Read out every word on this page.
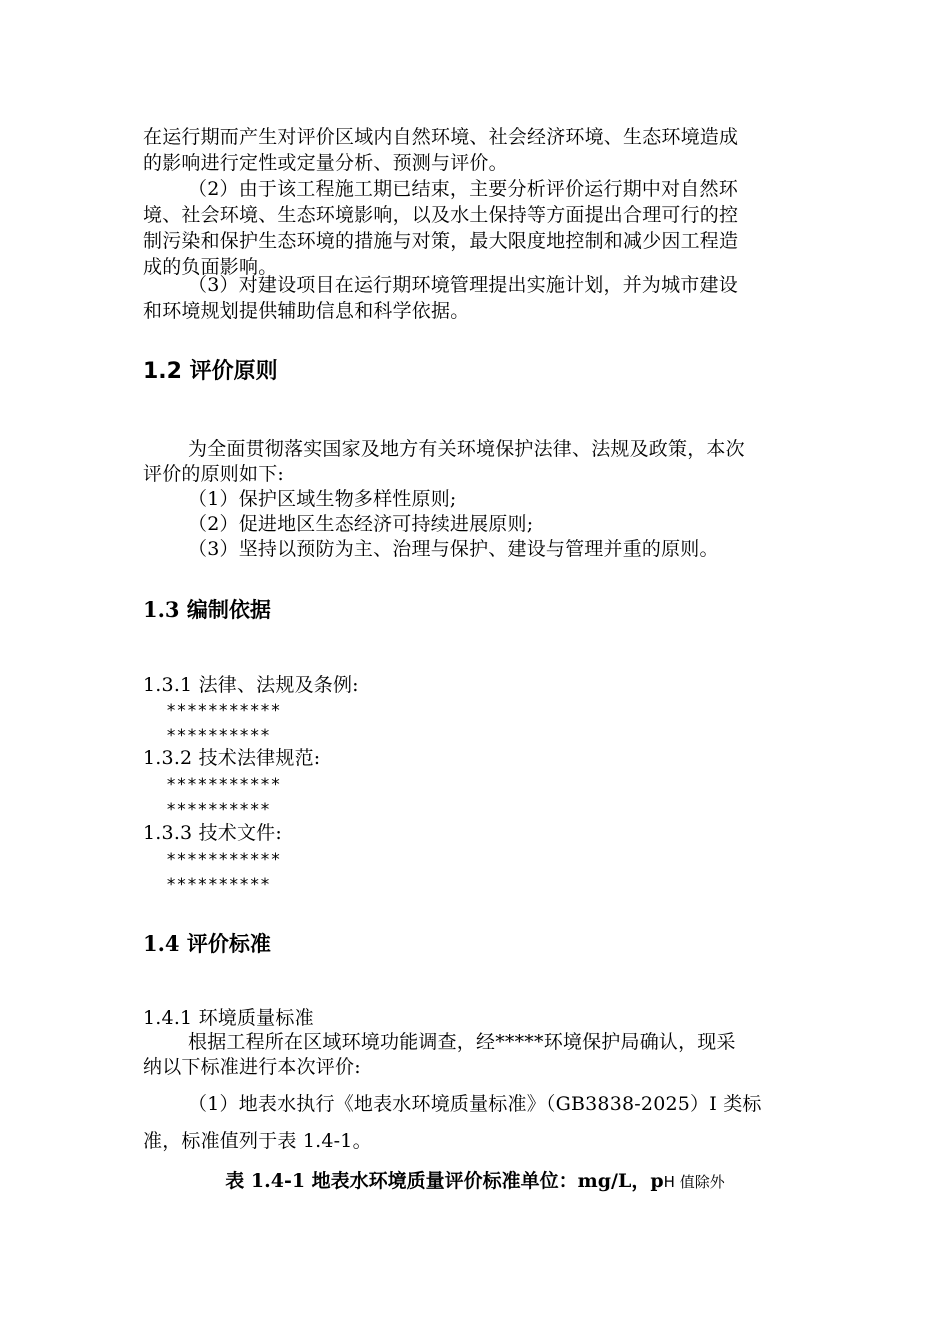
在运行期而产生对评价区域内自然环境、社会经济环境、生态环境造成
的影响进行定性或定量分析、预测与评价。
（2）由于该工程施工期已结束，主要分析评价运行期中对自然环
境、社会环境、生态环境影响，以及水土保持等方面提出合理可行的控
制污染和保护生态环境的措施与对策，最大限度地控制和减少因工程造
成的负面影响。
（3）对建设项目在运行期环境管理提出实施计划，并为城市建设
和环境规划提供辅助信息和科学依据。
1.2 评价原则
为全面贯彻落实国家及地方有关环境保护法律、法规及政策，本次
评价的原则如下:
（1）保护区域生物多样性原则;
（2）促进地区生态经济可持续进展原则;
（3）坚持以预防为主、治理与保护、建设与管理并重的原则。
1.3 编制依据
1.3.1 法律、法规及条例:
***********
**********
1.3.2 技术法律规范:
***********
**********
1.3.3 技术文件:
***********
**********
1.4 评价标准
1.4.1 环境质量标准
根据工程所在区域环境功能调查，经*****环境保护局确认，现采
纳以下标准进行本次评价:
（1）地表水执行《地表水环境质量标准》（GB3838-2025）I 类标
准，标准值列于表 1.4-1。
表 1.4-1 地表水环境质量评价标准单位：mg/L，pH 值除外
